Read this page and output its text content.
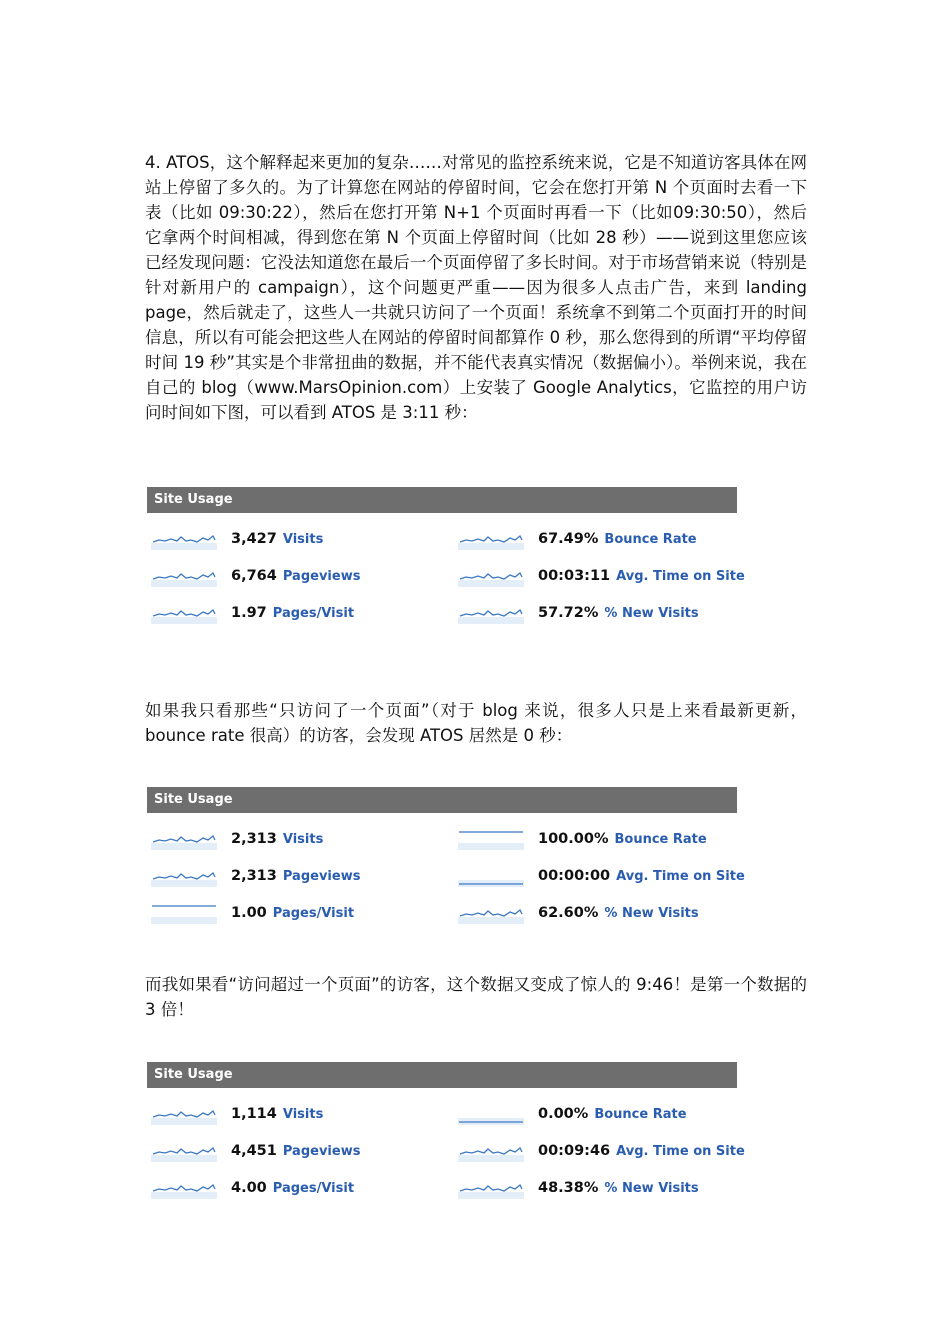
4. ATOS，这个解释起来更加的复杂……对常见的监控系统来说，它是不知道访客具体在网站上停留了多久的。为了计算您在网站的停留时间，它会在您打开第 N 个页面时去看一下表（比如 09:30:22），然后在您打开第 N+1 个页面时再看一下（比如09:30:50），然后它拿两个时间相减，得到您在第 N 个页面上停留时间（比如 28 秒）——说到这里您应该已经发现问题：它没法知道您在最后一个页面停留了多长时间。对于市场营销来说（特别是针对新用户的 campaign），这个问题更严重——因为很多人点击广告，来到 landing page，然后就走了，这些人一共就只访问了一个页面！系统拿不到第二个页面打开的时间信息，所以有可能会把这些人在网站的停留时间都算作 0 秒，那么您得到的所谓“平均停留时间 19 秒”其实是个非常扭曲的数据，并不能代表真实情况（数据偏小）。举例来说，我在自己的 blog（www.MarsOpinion.com）上安装了 Google Analytics，它监控的用户访问时间如下图，可以看到 ATOS 是 3:11 秒：

Site Usage
3,427 Visits
6,764 Pageviews
1.97 Pages/Visit
67.49% Bounce Rate
00:03:11 Avg. Time on Site
57.72% % New Visits

如果我只看那些“只访问了一个页面”（对于 blog 来说，很多人只是上来看最新更新，bounce rate 很高）的访客，会发现 ATOS 居然是 0 秒：

Site Usage
2,313 Visits
2,313 Pageviews
1.00 Pages/Visit
100.00% Bounce Rate
00:00:00 Avg. Time on Site
62.60% % New Visits

而我如果看“访问超过一个页面”的访客，这个数据又变成了惊人的 9:46！是第一个数据的 3 倍！

Site Usage
1,114 Visits
4,451 Pageviews
4.00 Pages/Visit
0.00% Bounce Rate
00:09:46 Avg. Time on Site
48.38% % New Visits
